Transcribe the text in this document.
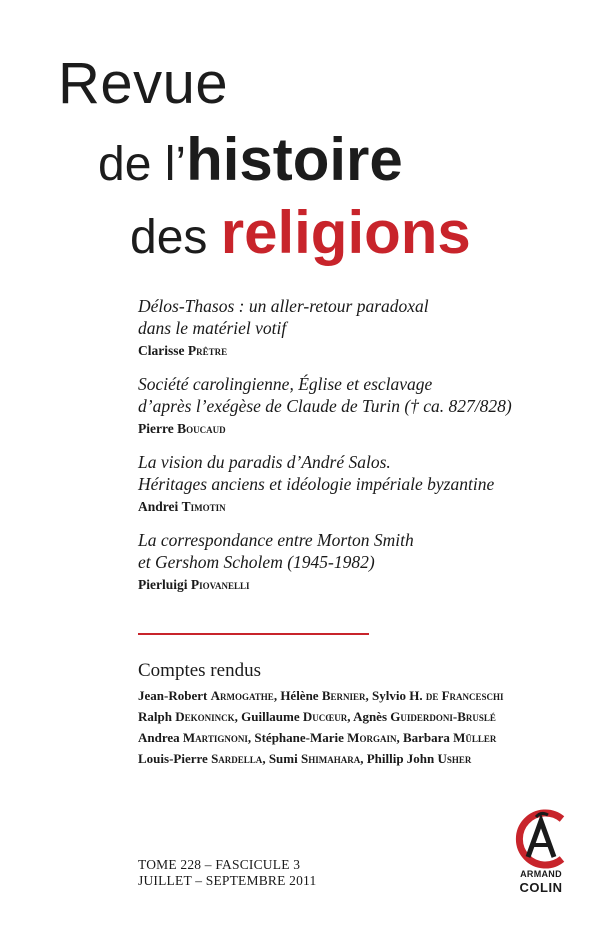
Revue
de l’histoire
des religions
Délos-Thasos : un aller-retour paradoxal
dans le matériel votif
Clarisse Prêtre
Société carolingienne, Église et esclavage
d’après l’exégèse de Claude de Turin († ca. 827/828)
Pierre Boucaud
La vision du paradis d’André Salos.
Héritages anciens et idéologie impériale byzantine
Andrei Timotin
La correspondance entre Morton Smith
et Gershom Scholem (1945-1982)
Pierluigi Piovanelli
Comptes rendus
Jean-Robert Armogathe, Hélène Bernier, Sylvio H. de Franceschi
Ralph Dekoninck, Guillaume Ducœur, Agnès Guiderdoni-Bruslé
Andrea Martignoni, Stéphane-Marie Morgain, Barbara Müller
Louis-Pierre Sardella, Sumi Shimahara, Phillip John Usher
TOME 228 – FASCICULE 3
JUILLET – SEPTEMBRE 2011	ARMAND
COLIN
